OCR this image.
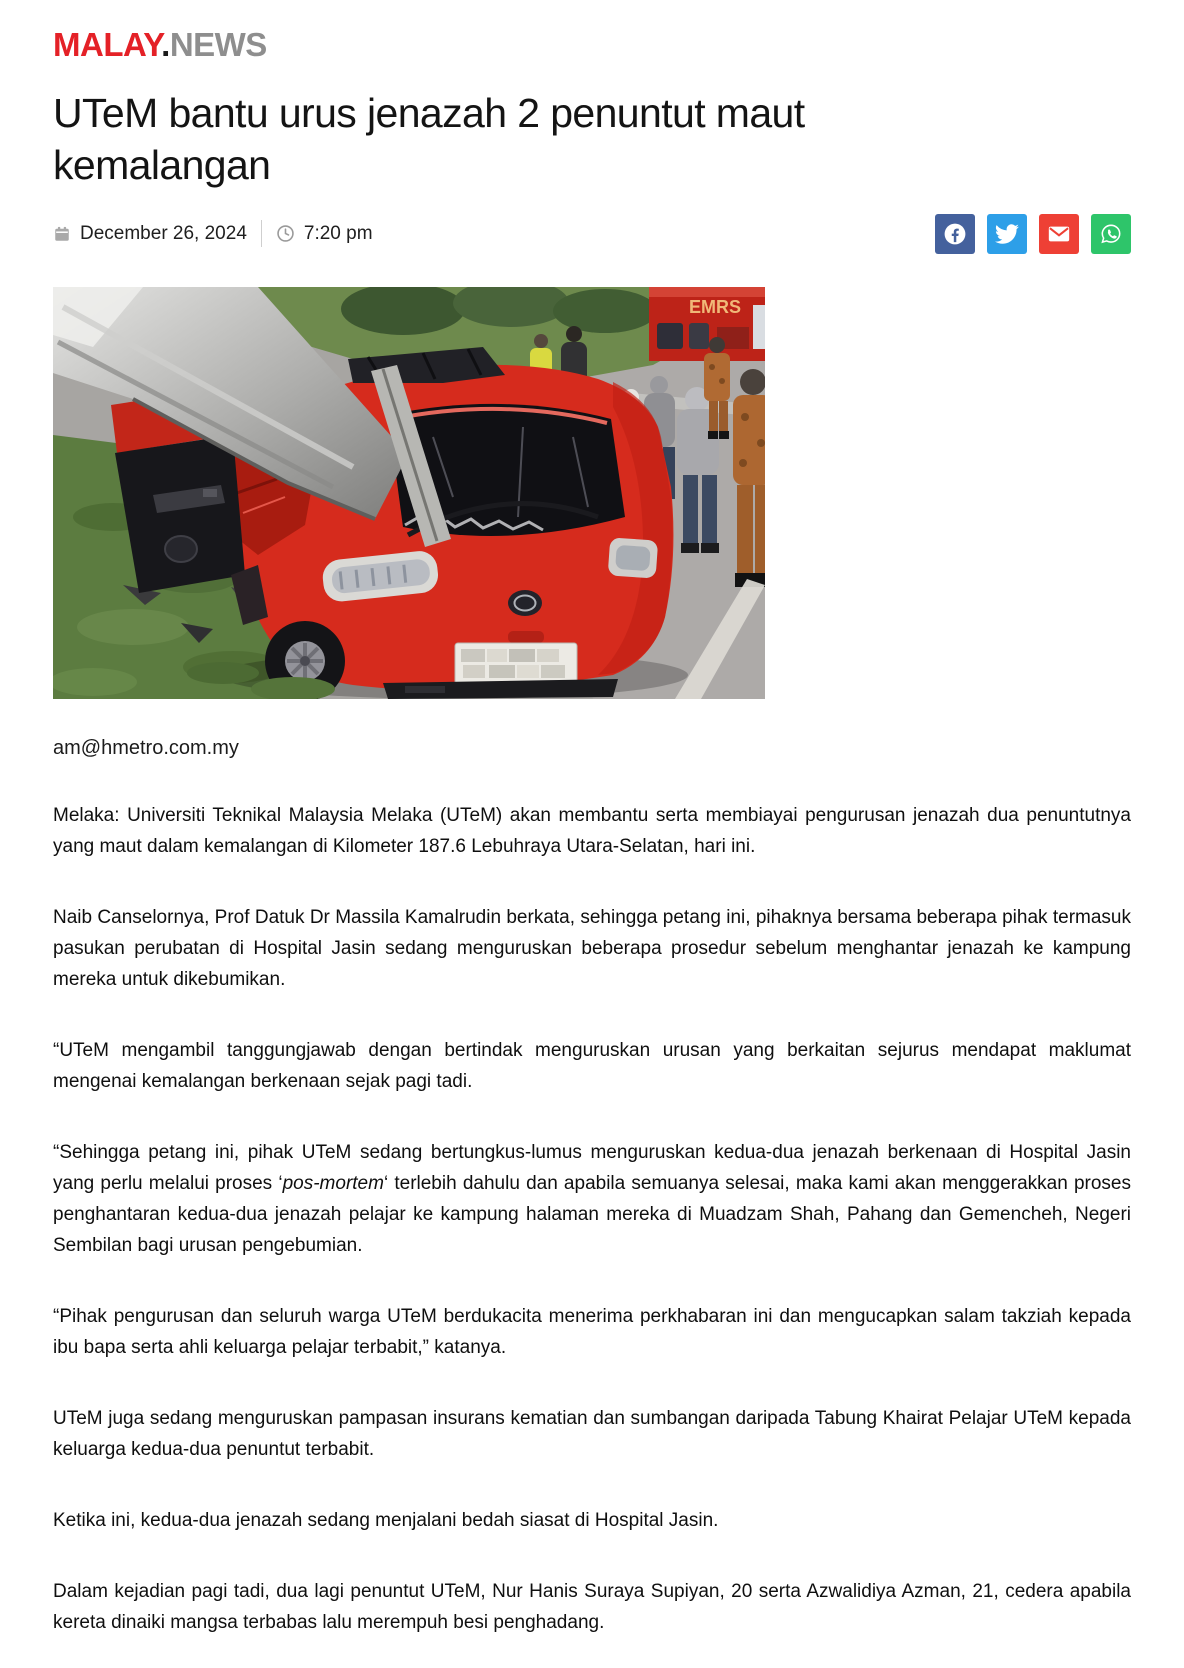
MALAY.NEWS
UTeM bantu urus jenazah 2 penuntut maut kemalangan
December 26, 2024	7:20 pm
EMRS
am@hmetro.com.my

Melaka: Universiti Teknikal Malaysia Melaka (UTeM) akan membantu serta membiayai pengurusan jenazah dua penuntutnya yang maut dalam kemalangan di Kilometer 187.6 Lebuhraya Utara-Selatan, hari ini.

Naib Canselornya, Prof Datuk Dr Massila Kamalrudin berkata, sehingga petang ini, pihaknya bersama beberapa pihak termasuk pasukan perubatan di Hospital Jasin sedang menguruskan beberapa prosedur sebelum menghantar jenazah ke kampung mereka untuk dikebumikan.

“UTeM mengambil tanggungjawab dengan bertindak menguruskan urusan yang berkaitan sejurus mendapat maklumat mengenai kemalangan berkenaan sejak pagi tadi.

“Sehingga petang ini, pihak UTeM sedang bertungkus-lumus menguruskan kedua-dua jenazah berkenaan di Hospital Jasin yang perlu melalui proses ‘pos-mortem‘ terlebih dahulu dan apabila semuanya selesai, maka kami akan menggerakkan proses penghantaran kedua-dua jenazah pelajar ke kampung halaman mereka di Muadzam Shah, Pahang dan Gemencheh, Negeri Sembilan bagi urusan pengebumian.

“Pihak pengurusan dan seluruh warga UTeM berdukacita menerima perkhabaran ini dan mengucapkan salam takziah kepada ibu bapa serta ahli keluarga pelajar terbabit,” katanya.

UTeM juga sedang menguruskan pampasan insurans kematian dan sumbangan daripada Tabung Khairat Pelajar UTeM kepada keluarga kedua-dua penuntut terbabit.

Ketika ini, kedua-dua jenazah sedang menjalani bedah siasat di Hospital Jasin.

Dalam kejadian pagi tadi, dua lagi penuntut UTeM, Nur Hanis Suraya Supiyan, 20 serta Azwalidiya Azman, 21, cedera apabila kereta dinaiki mangsa terbabas lalu merempuh besi penghadang.
